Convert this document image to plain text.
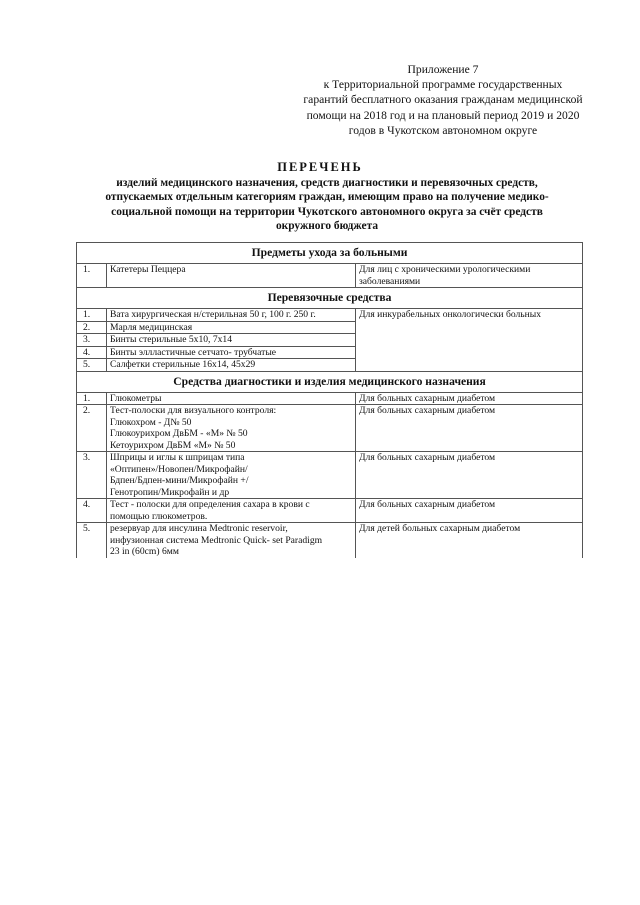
Приложение 7
к Территориальной программе государственных
гарантий бесплатного оказания гражданам медицинской
помощи на 2018 год и на плановый период 2019 и 2020
годов в Чукотском автономном округе
ПЕРЕЧЕНЬ
изделий медицинского назначения, средств диагностики и перевязочных средств,
отпускаемых отдельным категориям граждан, имеющим право на получение медико-
социальной помощи на территории Чукотского автономного округа за счёт средств
окружного бюджета
Предметы ухода за больными		
1.	Катетеры Пеццера	Для лиц с хроническими урологическими
заболеваниями

Перевязочные средства		
1.	Вата хирургическая н/стерильная 50 г, 100 г. 250 г.	Для инкурабельных онкологически больных

2.	Марля медицинская	

3.	Бинты стерильные 5х10, 7х14	

4.	Бинты эллластичные сетчато- трубчатые	

5.	Салфетки стерильные 16х14, 45х29	

Средства диагностики и изделия медицинского назначения		
1.	Глюкометры	Для больных сахарным диабетом

2.	Тест-полоски для визуального контроля:
Глюкохром - Д№ 50
Глюкоурихром ДвБМ - «М» № 50
Кетоурихром ДвБМ «М» № 50	Для больных сахарным диабетом

3.	Шприцы и иглы к шприцам типа
«Оптипен»/Новопен/Микрофайн/
Бдпен/Бдпен-мини/Микрофайн +/
Генотропин/Микрофайн и др	Для больных сахарным диабетом

4.	Тест - полоски для определения сахара в крови с
помощью глюкометров.	Для больных сахарным диабетом

5.	резервуар для инсулина Medtronic reservoir,
инфузионная система Medtronic Quick- set Paradigm
23 in (60cm) 6мм	Для детей больных сахарным диабетом
